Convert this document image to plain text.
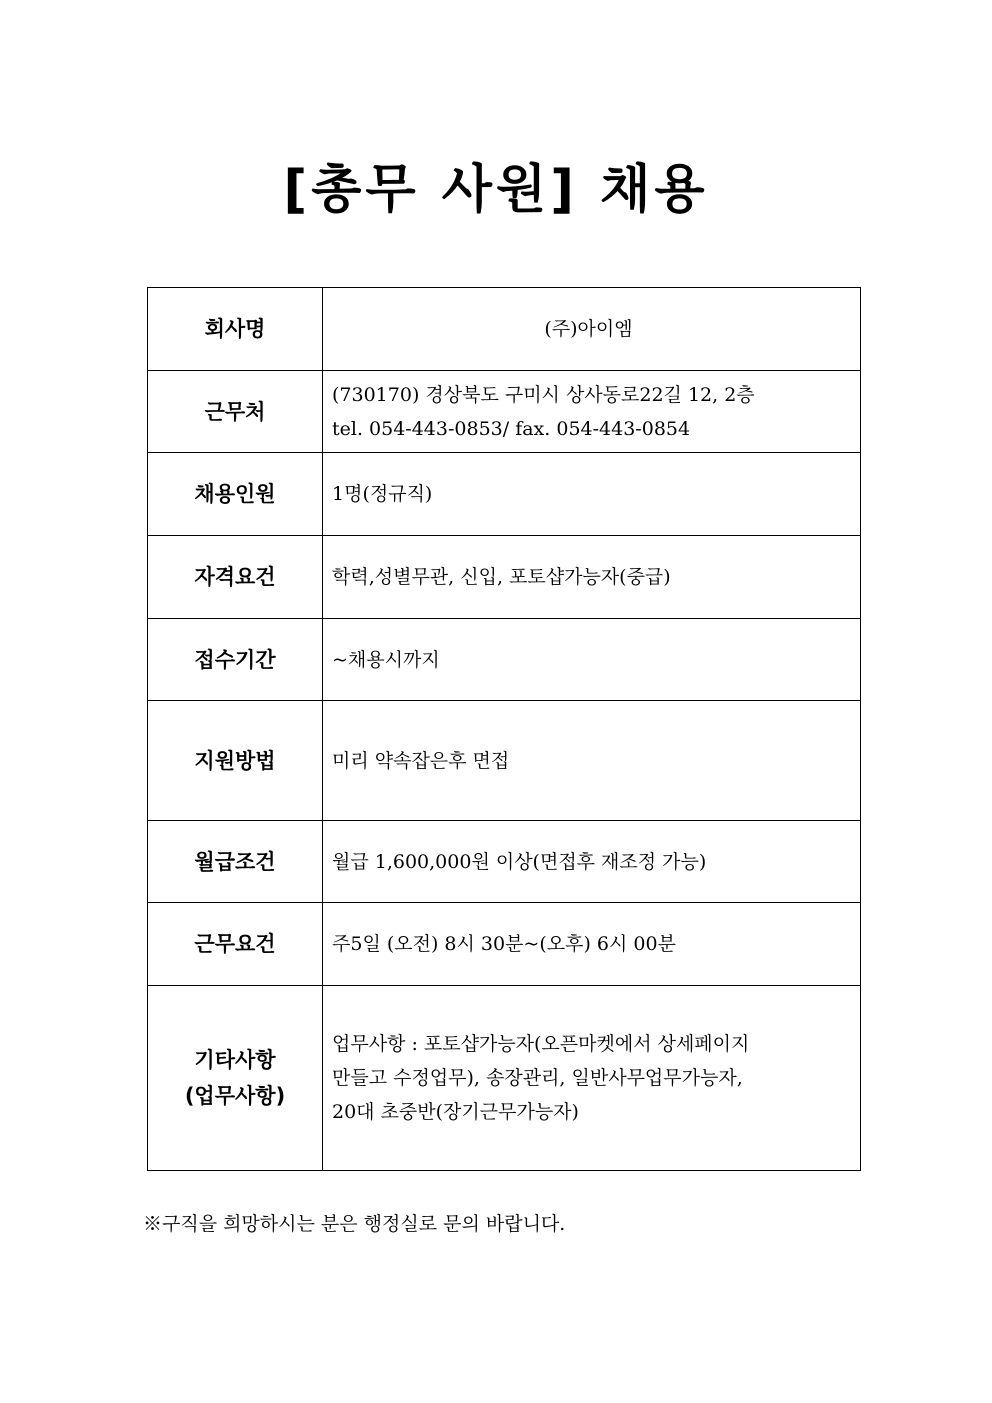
[총무 사원] 채용
회사명	(주)아이엠

근무처	(730170) 경상북도 구미시 상사동로22길 12, 2층
tel. 054-443-0853/ fax. 054-443-0854

채용인원	1명(정규직)

자격요건	학력,성별무관, 신입, 포토샵가능자(중급)

접수기간	~채용시까지

지원방법	미리 약속잡은후 면접

월급조건	월급 1,600,000원 이상(면접후 재조정 가능)

근무요건	주5일 (오전) 8시 30분~(오후) 6시 00분

기타사항
(업무사항)	업무사항 : 포토샵가능자(오픈마켓에서 상세페이지
만들고 수정업무), 송장관리, 일반사무업무가능자,
20대 초중반(장기근무가능자)
※구직을 희망하시는 분은 행정실로 문의 바랍니다.
